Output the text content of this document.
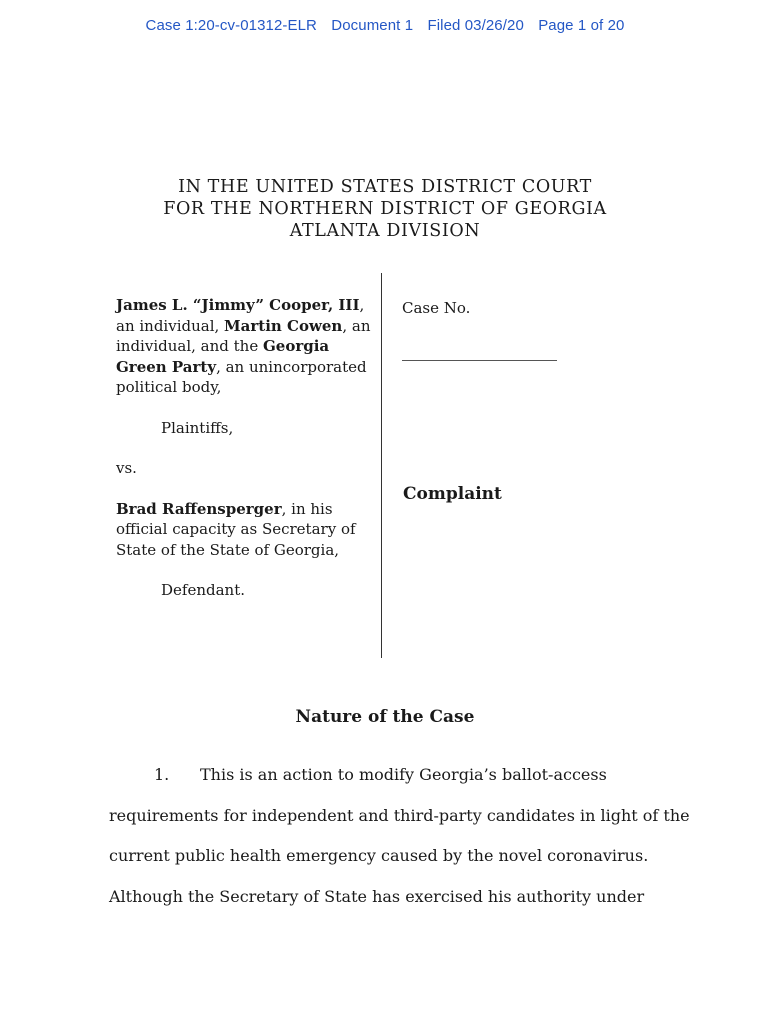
Case 1:20-cv-01312-ELR Document 1 Filed 03/26/20 Page 1 of 20
IN THE UNITED STATES DISTRICT COURT
FOR THE NORTHERN DISTRICT OF GEORGIA
ATLANTA DIVISION

James L. “Jimmy” Cooper, III, an individual, Martin Cowen, an individual, and the Georgia Green Party, an unincorporated political body,

Plaintiffs,

vs.

Brad Raffensperger, in his official capacity as Secretary of State of the State of Georgia,

Defendant.

Case No.
Complaint
Nature of the Case
1. This is an action to modify Georgia’s ballot-access
requirements for independent and third-party candidates in light of the
current public health emergency caused by the novel coronavirus.
Although the Secretary of State has exercised his authority under
